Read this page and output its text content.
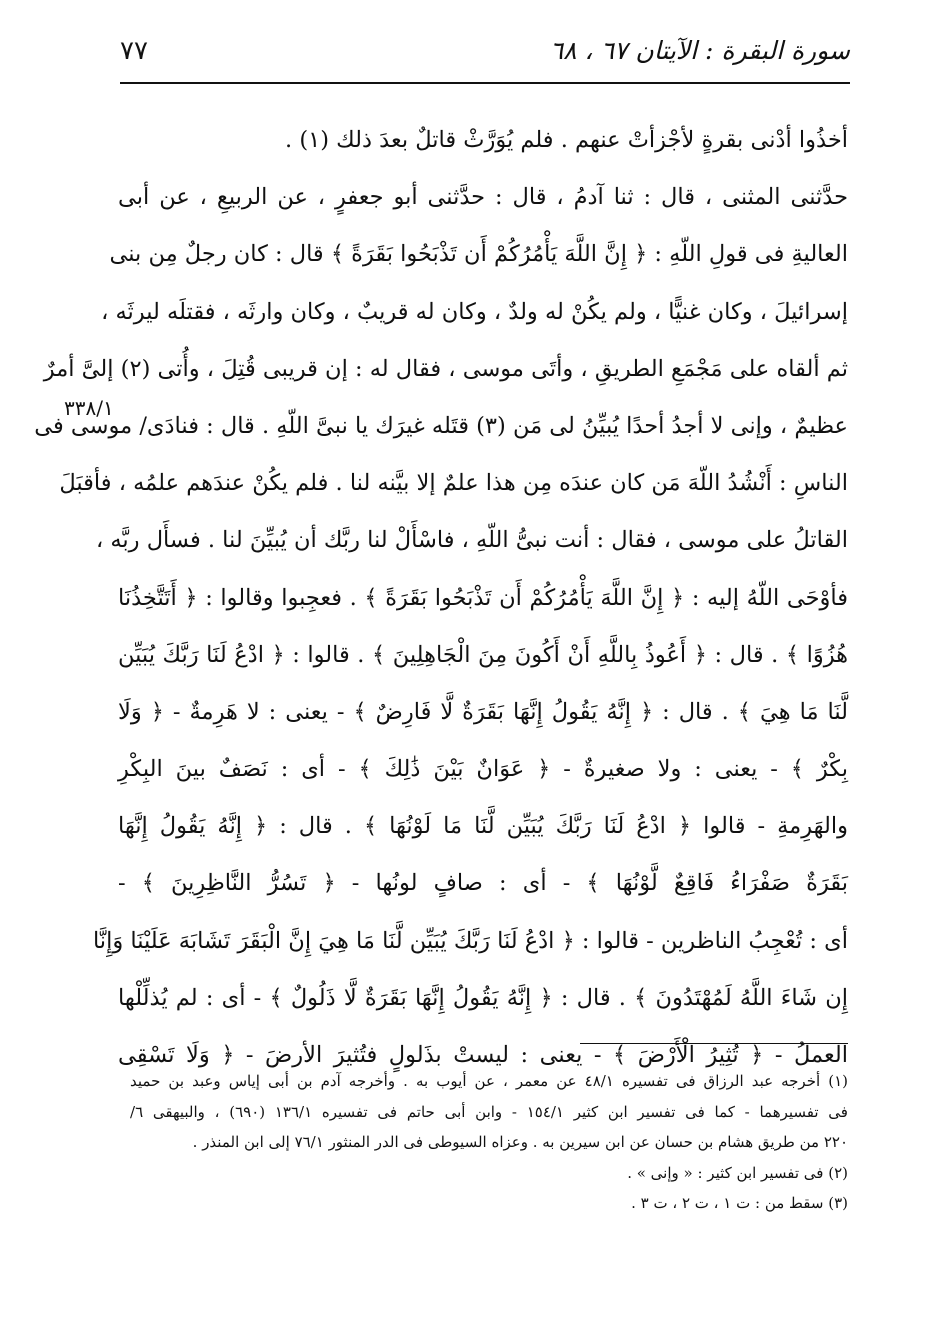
٧٧	سورة البقرة : الآيتان ٦٧ ، ٦٨
٣٣٨/١
أخذُوا أدْنى بقرةٍ لأجْزأتْ عنهم . فلم يُوَرَّثْ قاتلٌ بعدَ ذلك (١) .
حدَّثنى المثنى ، قال : ثنا آدمُ ، قال : حدَّثنى أبو جعفرٍ ، عن الربيعِ ، عن أبى
العاليةِ فى قولِ اللّهِ : ﴿ إِنَّ اللَّهَ يَأْمُرُكُمْ أَن تَذْبَحُوا بَقَرَةً ﴾ قال : كان رجلٌ مِن بنى
إسرائيلَ ، وكان غنيًّا ، ولم يكُنْ له ولدٌ ، وكان له قريبٌ ، وكان وارثَه ، فقتلَه ليرثَه ،
ثم ألقاه على مَجْمَعِ الطريقِ ، وأتَى موسى ، فقال له : إن قريبى قُتِلَ ، وأُتى (٢) إلىَّ أمرٌ
عظيمٌ ، وإنى لا أجدُ أحدًا يُبيِّنُ لى مَن (٣) قتَله غيرَك يا نبىَّ اللّهِ . قال : فنادَى/ موسى فى
الناسِ : أَنْشُدُ اللّهَ مَن كان عندَه مِن هذا علمٌ إلا بيَّنه لنا . فلم يكُنْ عندَهم علمُه ، فأقبَلَ
القاتلُ على موسى ، فقال : أنت نبىُّ اللّهِ ، فاسْأَلْ لنا ربَّك أن يُبيِّنَ لنا . فسأَل ربَّه ،
فأوْحَى اللّهُ إليه : ﴿ إِنَّ اللَّهَ يَأْمُرُكُمْ أَن تَذْبَحُوا بَقَرَةً ﴾ . فعجِبوا وقالوا : ﴿ أَتَتَّخِذُنَا
هُزُوًا ﴾ . قال : ﴿ أَعُوذُ بِاللَّهِ أَنْ أَكُونَ مِنَ الْجَاهِلِينَ ﴾ . قالوا : ﴿ ادْعُ لَنَا رَبَّكَ يُبَيِّن
لَّنَا مَا هِيَ ﴾ . قال : ﴿ إِنَّهُ يَقُولُ إِنَّهَا بَقَرَةٌ لَّا فَارِضٌ ﴾ - يعنى : لا هَرِمةٌ - ﴿ وَلَا
بِكْرٌ ﴾ - يعنى : ولا صغيرةٌ - ﴿ عَوَانٌ بَيْنَ ذَٰلِكَ ﴾ - أى : نَصَفٌ بينَ البِكْرِ
والهَرِمةِ - قالوا ﴿ ادْعُ لَنَا رَبَّكَ يُبَيِّن لَّنَا مَا لَوْنُهَا ﴾ . قال : ﴿ إِنَّهُ يَقُولُ إِنَّهَا
بَقَرَةٌ صَفْرَاءُ فَاقِعٌ لَّوْنُهَا ﴾ - أى : صافٍ لونُها - ﴿ تَسُرُّ النَّاظِرِينَ ﴾ -
أى : تُعْجِبُ الناظرين - قالوا : ﴿ ادْعُ لَنَا رَبَّكَ يُبَيِّن لَّنَا مَا هِيَ إِنَّ الْبَقَرَ تَشَابَهَ عَلَيْنَا وَإِنَّا
إِن شَاءَ اللَّهُ لَمُهْتَدُونَ ﴾ . قال : ﴿ إِنَّهُ يَقُولُ إِنَّهَا بَقَرَةٌ لَّا ذَلُولٌ ﴾ - أى : لم يُذلِّلْها
العملُ - ﴿ تُثِيرُ الْأَرْضَ ﴾ - يعنى : ليستْ بذَلولٍ فتُثيرَ الأرضَ - ﴿ وَلَا تَسْقِى
(١) أخرجه عبد الرزاق فى تفسيره ٤٨/١ عن معمر ، عن أيوب به . وأخرجه آدم بن أبى إياس وعبد بن حميد
فى تفسيرهما - كما فى تفسير ابن كثير ١٥٤/١ - وابن أبى حاتم فى تفسيره ١٣٦/١ (٦٩٠) ، والبيهقى ٦/
٢٢٠ من طريق هشام بن حسان عن ابن سيرين به . وعزاه السيوطى فى الدر المنثور ٧٦/١ إلى ابن المنذر .
(٢) فى تفسير ابن كثير : « وإنى » .
(٣) سقط من : ت ١ ، ت ٢ ، ت ٣ .
